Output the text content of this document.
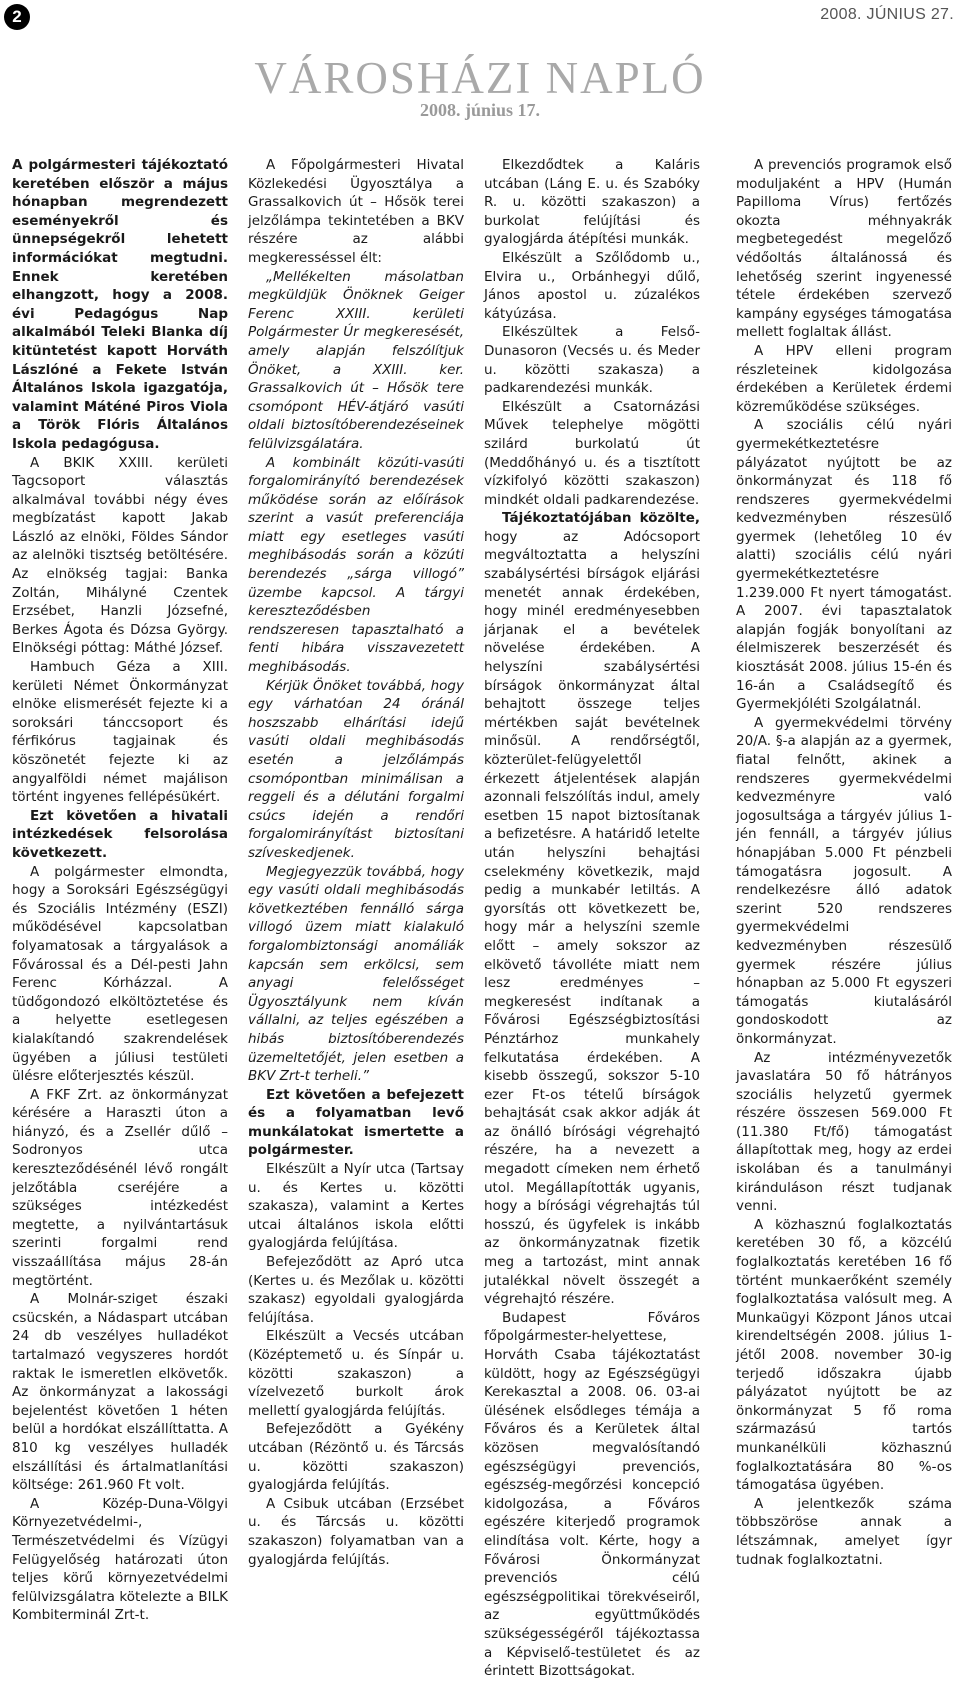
2	2008. JÚNIUS 27.
VÁROSHÁZI NAPLÓ
2008. június 17.

A polgármesteri tájékoztató keretében először a május hónapban megrendezett eseményekről és ünnepségekről lehetett információkat megtudni. Ennek keretében elhangzott, hogy a 2008. évi Pedagógus Nap alkalmából Teleki Blanka díj kitüntetést kapott Horváth Lászlóné a Fekete István Általános Iskola igazgatója, valamint Máténé Piros Viola a Török Flóris Általános Iskola pedagógusa.

A BKIK XXIII. kerületi Tagcsoport választás alkalmával további négy éves megbízatást kapott Jakab László az elnöki, Földes Sándor az alelnöki tisztség betöltésére. Az elnökség tagjai: Banka Zoltán, Mihályné Czentek Erzsébet, Hanzli Józsefné, Berkes Ágota és Dózsa György. Elnökségi póttag: Máthé József.

Hambuch Géza a XIII. kerületi Német Önkormányzat elnöke elismerését fejezte ki a soroksári tánccsoport és férfikórus tagjainak és köszönetét fejezte ki az angyalföldi német majálison történt ingyenes fellépésükért.

Ezt követően a hivatali intézkedések felsorolása következett.

A polgármester elmondta, hogy a Soroksári Egészségügyi és Szociális Intézmény (ESZI) működésével kapcsolatban folyamatosak a tárgyalások a Fővárossal és a Dél-pesti Jahn Ferenc Kórházzal. A tüdőgondozó elköltöztetése és a helyette esetlegesen kialakítandó szakrendelések ügyében a júliusi testületi ülésre előterjesztés készül.

A FKF Zrt. az önkormányzat kérésére a Haraszti úton a hiányzó, és a Zsellér dűlő – Sodronyos utca kereszteződésénél lévő rongált jelzőtábla cseréjére a szükséges intézkedést megtette, a nyilvántartásuk szerinti forgalmi rend visszaállítása május 28-án megtörtént.

A Molnár-sziget északi csücskén, a Nádaspart utcában 24 db veszélyes hulladékot tartalmazó vegyszeres hordót raktak le ismeretlen elkövetők. Az önkormányzat a lakossági bejelentést követően 1 héten belül a hordókat elszállíttatta. A 810 kg veszélyes hulladék elszállítási és ártalmatlanítási költsége: 261.960 Ft volt.

A Közép-Duna-Völgyi Környezetvédelmi-, Természetvédelmi és Vízügyi Felügyelőség határozati úton teljes körű környezetvédelmi felülvizsgálatra kötelezte a BILK Kombiterminál Zrt-t.

A Főpolgármesteri Hivatal Közlekedési Ügyosztálya a Grassalkovich út – Hősök terei jelzőlámpa tekintetében a BKV részére az alábbi megkeresséssel élt:

„Mellékelten másolatban megküldjük Önöknek Geiger Ferenc XXIII. kerületi Polgármester Úr megkeresését, amely alapján felszólítjuk Önöket, a XXIII. ker. Grassalkovich út – Hősök tere csomópont HÉV-átjáró vasúti oldali biztosítóberendezéseinek felülvizsgálatára.

A kombinált közúti-vasúti forgalomirányító berendezések működése során az előírások szerint a vasút preferenciája miatt egy esetleges vasúti meghibásodás során a közúti berendezés „sárga villogó” üzembe kapcsol. A tárgyi kereszteződésben rendszeresen tapasztalható a fenti hibára visszavezetett meghibásodás.

Kérjük Önöket továbbá, hogy egy várhatóan 24 óránál hoszszabb elhárítási idejű vasúti oldali meghibásodás esetén a jelzőlámpás csomópontban minimálisan a reggeli és a délutáni forgalmi csúcs idején a rendőri forgalomirányítást biztosítani szíveskedjenek.

Megjegyezzük továbbá, hogy egy vasúti oldali meghibásodás következtében fennálló sárga villogó üzem miatt kialakuló forgalombiztonsági anomáliák kapcsán sem erkölcsi, sem anyagi felelősséget Ügyosztályunk nem kíván vállalni, az teljes egészében a hibás biztosítóberendezés üzemeltetőjét, jelen esetben a BKV Zrt-t terheli.”

Ezt követően a befejezett és a folyamatban levő munkálatokat ismertette a polgármester.

Elkészült a Nyír utca (Tartsay u. és Kertes u. közötti szakasza), valamint a Kertes utcai általános iskola előtti gyalogjárda felújítása.

Befejeződött az Apró utca (Kertes u. és Mezőlak u. közötti szakasz) egyoldali gyalogjárda felújítása.

Elkészült a Vecsés utcában (Középtemető u. és Sínpár u. közötti szakaszon) a vízelvezető burkolt árok mellettí gyalogjárda felújítás.

Befejeződött a Gyékény utcában (Rézöntő u. és Tárcsás u. közötti szakaszon) gyalogjárda felújítás.

A Csibuk utcában (Erzsébet u. és Tárcsás u. közötti szakaszon) folyamatban van a gyalogjárda felújítás.

Elkezdődtek a Kaláris utcában (Láng E. u. és Szabóky R. u. közötti szakaszon) a burkolat felújítási és gyalogjárda átépítési munkák.

Elkészült a Szőlődomb u., Elvira u., Orbánhegyi dűlő, János apostol u. zúzalékos kátyúzása.

Elkészültek a Felső-Dunasoron (Vecsés u. és Meder u. közötti szakasza) a padkarendezési munkák.

Elkészült a Csatornázási Művek telephelye mögötti szilárd burkolatú út (Meddőhányó u. és a tisztított vízkifolyó közötti szakaszon) mindkét oldali padkarendezése.

Tájékoztatójában közölte, hogy az Adócsoport megváltoztatta a helyszíni szabálysértési bírságok eljárási menetét annak érdekében, hogy minél eredményesebben járjanak el a bevételek növelése érdekében. A helyszíni szabálysértési bírságok önkormányzat által behajtott összege teljes mértékben saját bevételnek minősül. A rendőrségtől, közterület-felügyelettől érkezett átjelentések alapján azonnali felszólítás indul, amely esetben 15 napot biztosítanak a befizetésre. A határidő letelte után helyszíni behajtási cselekmény következik, majd pedig a munkabér letiltás. A gyorsítás ott következett be, hogy már a helyszíni szemle előtt – amely sokszor az elkövető távolléte miatt nem lesz eredményes – megkeresést indítanak a Fővárosi Egészségbiztosítási Pénztárhoz munkahely felkutatása érdekében. A kisebb összegű, sokszor 5-10 ezer Ft-os tételű bírságok behajtását csak akkor adják át az önálló bírósági végrehajtó részére, ha a nevezett a megadott címeken nem érhető utol. Megállapították ugyanis, hogy a bírósági végrehajtás túl hosszú, és ügyfelek is inkább az önkormányzatnak fizetik meg a tartozást, mint annak jutalékkal növelt összegét a végrehajtó részére.

Budapest Főváros főpolgármester-helyettese, Horváth Csaba tájékoztatást küldött, hogy az Egészségügyi Kerekasztal a 2008. 06. 03-ai ülésének elsődleges témája a Főváros és a Kerületek által közösen megvalósítandó egészségügyi prevenciós, egészség-megőrzési koncepció kidolgozása, a Főváros egészére kiterjedő programok elindítása volt. Kérte, hogy a Fővárosi Önkormányzat prevenciós célú egészségpolitikai törekvéseiről, az együttműködés szükségességéről tájékoztassa a Képviselő-testületet és az érintett Bizottságokat.

A prevenciós programok első moduljaként a HPV (Humán Papilloma Vírus) fertőzés okozta méhnyakrák megbetegedést megelőző védőoltás általánossá és lehetőség szerint ingyenessé tétele érdekében szervező kampány egységes támogatása mellett foglaltak állást.

A HPV elleni program részleteinek kidolgozása érdekében a Kerületek érdemi közreműködése szükséges.

A szociális célú nyári gyermekétkeztetésre pályázatot nyújtott be az önkormányzat és 118 fő rendszeres gyermekvédelmi kedvezményben részesülő gyermek (lehetőleg 10 év alatti) szociális célú nyári gyermekétkeztetésre 1.239.000 Ft nyert támogatást. A 2007. évi tapasztalatok alapján fogják bonyolítani az élelmiszerek beszerzését és kiosztását 2008. július 15-én és 16-án a Családsegítő és Gyermekjóléti Szolgálatnál.

A gyermekvédelmi törvény 20/A. §-a alapján az a gyermek, fiatal felnőtt, akinek a rendszeres gyermekvédelmi kedvezményre való jogosultsága a tárgyév július 1-jén fennáll, a tárgyév július hónapjában 5.000 Ft pénzbeli támogatásra jogosult. A rendelkezésre álló adatok szerint 520 rendszeres gyermekvédelmi kedvezményben részesülő gyermek részére július hónapban az 5.000 Ft egyszeri támogatás kiutalásáról gondoskodott az önkormányzat.

Az intézményvezetők javaslatára 50 fő hátrányos szociális helyzetű gyermek részére összesen 569.000 Ft (11.380 Ft/fő) támogatást állapítottak meg, hogy az erdei iskolában és a tanulmányi kiránduláson részt tudjanak venni.

A közhasznú foglalkoztatás keretében 30 fő, a közcélú foglalkoztatás keretében 16 fő történt munkaerőként személy foglalkoztatása valósult meg. A Munkaügyi Központ János utcai kirendeltségén 2008. július 1-jétől 2008. november 30-ig terjedő időszakra újabb pályázatot nyújtott be az önkormányzat 5 fő roma származású tartós munkanélküli közhasznú foglalkoztatására 80 %-os támogatása ügyében.

A jelentkezők száma többszöröse annak a létszámnak, amelyet ígyr tudnak foglalkoztatni.
